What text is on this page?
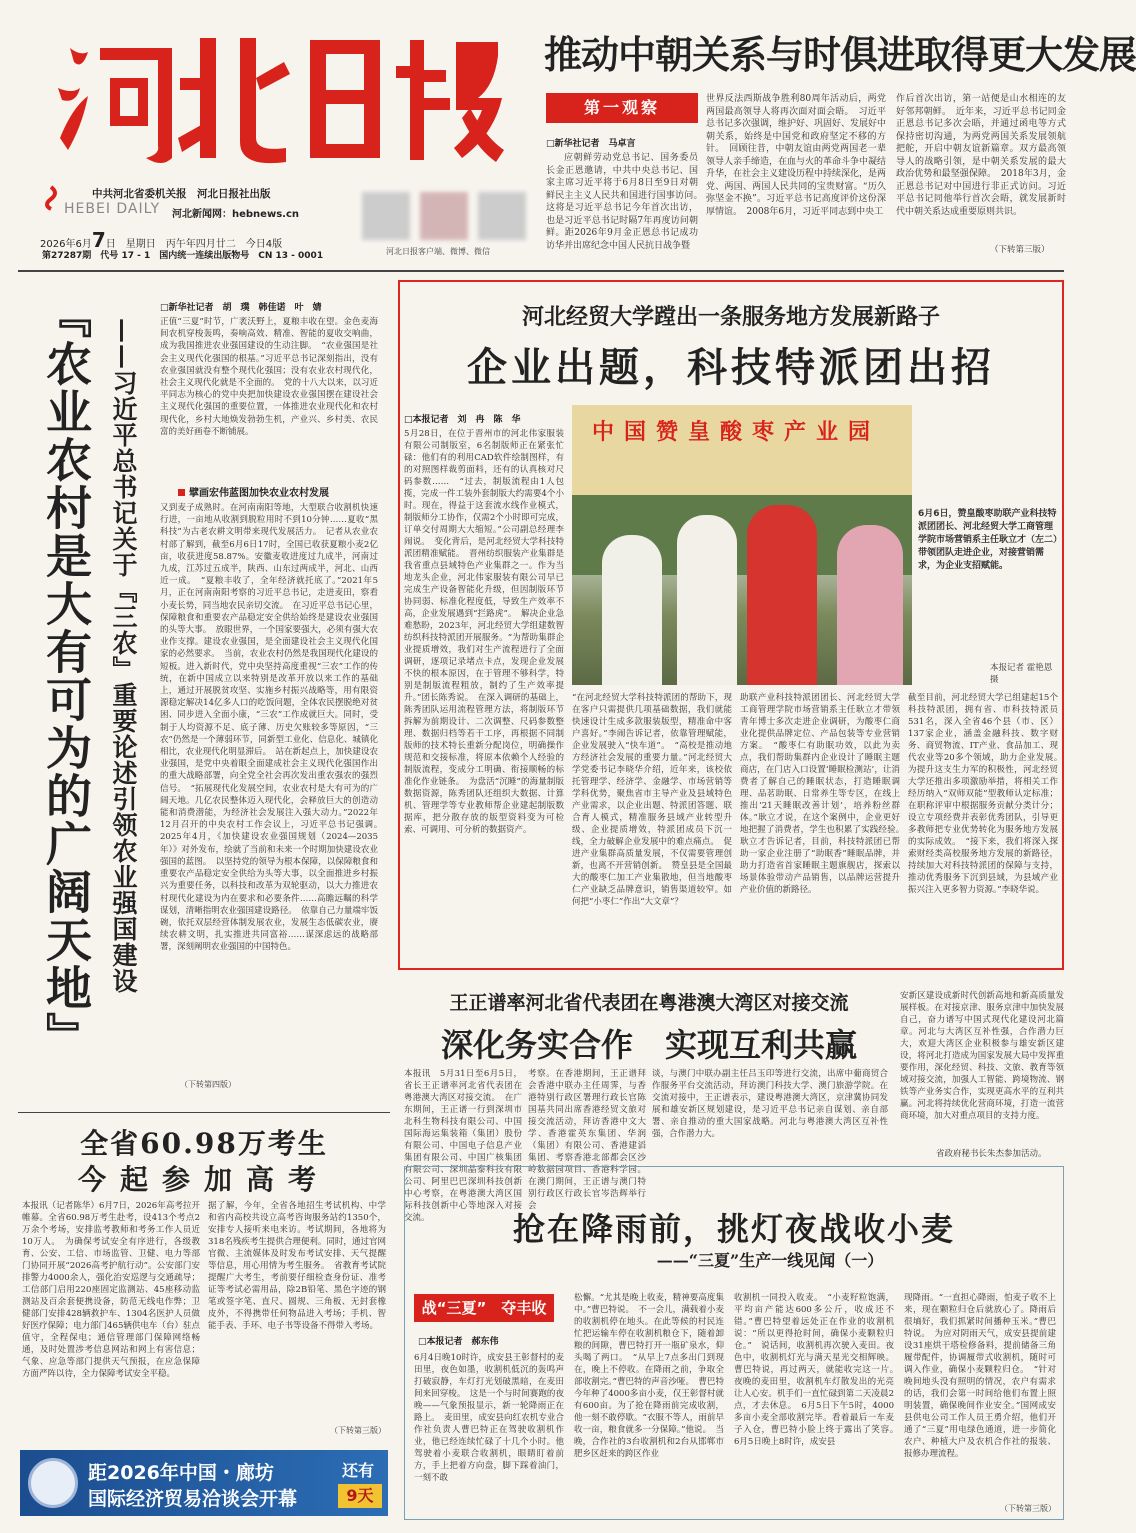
中共河北省委机关报　河北日报社出版
HEBEI DAILY 河北新闻网：hebnews.cn
2026年6月7日　星期日　丙午年四月廿二　今日4版
第27287期　代号 17 - 1　国内统一连续出版物号　CN 13 - 0001	河北日报客户端、微博、微信
推动中朝关系与时俱进取得更大发展
第一观察
□新华社记者　马卓言
应朝鲜劳动党总书记、国务委员长金正恩邀请，中共中央总书记、国家主席习近平将于6月8日至9日对朝鲜民主主义人民共和国进行国事访问。　这将是习近平总书记今年首次出访，也是习近平总书记时隔7年再度访问朝鲜。距2026年9月金正恩总书记成功访华并出席纪念中国人民抗日战争暨
世界反法西斯战争胜利80周年活动后，两党两国最高领导人将再次面对面会晤。　习近平总书记多次强调，维护好、巩固好、发展好中朝关系，始终是中国党和政府坚定不移的方针。　回顾往昔，中朝友谊由两党两国老一辈领导人亲手缔造，在血与火的革命斗争中凝结升华，在社会主义建设历程中持续深化，是两党、两国、两国人民共同的宝贵财富。“历久弥坚金不换”。习近平总书记高度评价这份深厚情谊。　2008年6月，习近平同志到中央工
作后首次出访，第一站便是山水相连的友好邻邦朝鲜。　近年来，习近平总书记同金正恩总书记多次会晤，并通过函电等方式保持密切沟通，为两党两国关系发展领航把舵，开启中朝友谊新篇章。双方最高领导人的战略引领，是中朝关系发展的最大政治优势和最坚强保障。　2018年3月，金正恩总书记对中国进行非正式访问。习近平总书记同他举行首次会晤，就发展新时代中朝关系达成重要原则共识。
（下转第三版）
『农业农村是大有可为的广阔天地』 ——习近平总书记关于『三农』重要论述引领农业强国建设
□新华社记者　胡　璞　韩佳诺　叶　婧
正值“三夏”时节，广袤沃野上，夏粮丰收在望。金色麦海间农机穿梭轰鸣，奏响高效、精准、智能的夏收交响曲，成为我国推进农业强国建设的生动注脚。　“农业强国是社会主义现代化强国的根基。”习近平总书记深刻指出，没有农业强国就没有整个现代化强国；没有农业农村现代化，社会主义现代化就是不全面的。　党的十八大以来，以习近平同志为核心的党中央把加快建设农业强国摆在建设社会主义现代化强国的重要位置，一体推进农业现代化和农村现代化，乡村大地焕发勃勃生机，产业兴、乡村美、农民富的美好画卷不断铺展。
擘画宏伟蓝图加快农业农村发展
又到麦子成熟时。在河南南阳等地，大型联合收割机快速行进，一亩地从收割到脱粒用时不到10分钟……夏收“黑科技”为古老农耕文明带来现代发展活力。　记者从农业农村部了解到，截至6月6日17时，全国已收获夏粮小麦2亿亩，收获进度58.87%。安徽麦收进度过九成半，河南过九成，江苏过五成半，陕西、山东过两成半，河北、山西近一成。　“夏粮丰收了，全年经济就托底了。”2021年5月，正在河南南阳考察的习近平总书记，走进麦田，察看小麦长势，同当地农民亲切交流。　在习近平总书记心里，保障粮食和重要农产品稳定安全供给始终是建设农业强国的头等大事。　放眼世界，一个国家要强大，必须有强大农业作支撑。建设农业强国，是全面建设社会主义现代化国家的必然要求。　当前，农业农村仍然是我国现代化建设的短板。进入新时代，党中央坚持高度重视“三农”工作的传统，在新中国成立以来特别是改革开放以来工作的基础上，通过开展脱贫攻坚、实施乡村振兴战略等，用有限资源稳定解决14亿多人口的吃饭问题，全体农民摆脱绝对贫困、同步进入全面小康，“三农”工作成就巨大。同时，受制于人均资源不足、底子薄、历史欠账较多等原因，“三农”仍然是一个薄弱环节，同新型工业化、信息化、城镇化相比，农业现代化明显滞后。　站在新起点上，加快建设农业强国，是党中央着眼全面建成社会主义现代化强国作出的重大战略部署，向全党全社会再次发出重农强农的强烈信号。　“拓展现代化发展空间，农业农村是大有可为的广阔天地。几亿农民整体迈入现代化，会释放巨大的创造动能和消费潜能，为经济社会发展注入强大动力。”2022年12月召开的中央农村工作会议上，习近平总书记强调。　2025年4月，《加快建设农业强国规划（2024—2035年）》对外发布，绘就了当前和未来一个时期加快建设农业强国的蓝图。　以坚持党的领导为根本保障，以保障粮食和重要农产品稳定安全供给为头等大事，以全面推进乡村振兴为重要任务，以科技和改革为双轮驱动，以大力推进农村现代化建设为内在要求和必要条件……高瞻远瞩的科学谋划，清晰指明农业强国建设路径。　依靠自己力量端牢饭碗，依托双层经营体制发展农业，发展生态低碳农业，赓续农耕文明，扎实推进共同富裕……谋深虑远的战略部署，深刻阐明农业强国的中国特色。
（下转第四版）
河北经贸大学蹚出一条服务地方发展新路子
企业出题，科技特派团出招
□本报记者　刘　冉　陈　华
5月28日，在位于晋州市的河北伟家服装有限公司制版室，6名制版师正在紧张忙碌：他们有的利用CAD软件绘制图样，有的对照图样裁剪面料，还有的认真核对尺码参数……　“过去，制版流程由1人包揽，完成一件工装外套制版大约需要4个小时。现在，得益于这套流水线作业模式，制版师分工协作，仅需2个小时即可完成，订单交付周期大大缩短。”公司副总经理李闹说。　变化背后，是河北经贸大学科技特派团精准赋能。　晋州纺织服装产业集群是我省重点县域特色产业集群之一。作为当地龙头企业，河北伟家服装有限公司早已完成生产设备智能化升级，但因制版环节协同弱、标准化程度低，导致生产效率不高，企业发展遇到“拦路虎”。　解决企业急难愁盼，2023年，河北经贸大学组建数智纺织科技特派团开展服务。“为帮助集群企业提质增效，我们对生产流程进行了全面调研，逐项记录堵点卡点，发现企业发展不快的根本原因，在于管理不够科学，特别是制版流程粗放，制约了生产效率提升。”团长陈秀说。　在深入调研的基础上，陈秀团队运用流程管理方法，将制版环节拆解为前期设计、二次调整、尺码参数整理、数据归档等若干工序，再根据不同制版师的技术特长重新分配岗位，明确操作规范和交接标准，将原本依赖个人经验的制版流程，变成分工明确、衔接顺畅的标准化作业链条。　为盘活“沉睡”的海量制版数据资源，陈秀团队还组织大数据、计算机、管理学等专业教师帮企业建起制版数据库，把分散存放的版型资料变为可检索、可调用、可分析的数据资产。
中国赞皇酸枣产业园
6月6日，赞皇酸枣助联产业科技特派团团长、河北经贸大学工商管理学院市场营销系主任耿立才（左二）带领团队走进企业，对接营销需求，为企业支招赋能。
本报记者 霍艳恩摄
“在河北经贸大学科技特派团的帮助下，现在客户只需提供几项基础数据，我们就能快速设计生成多款服装版型，精准命中客户喜好。”李闹告诉记者，依靠管理赋能，企业发展驶入“快车道”。　“高校是推动地方经济社会发展的重要力量。”河北经贸大学党委书记李晓华介绍，近年来，该校依托管理学、经济学、金融学、市场营销等学科优势，聚焦省市主导产业及县域特色产业需求，以企业出题、特派团答题、联合育人模式，精准服务县域产业转型升级、企业提质增效，特派团成员下沉一线，全力破解企业发展中的难点痛点。　促进产业集群高质量发展，不仅需要管理创新，也离不开营销创新。　赞皇县是全国最大的酸枣仁加工产业集散地，但当地酸枣仁产业缺乏品牌意识，销售渠道较窄。如何把“小枣仁”作出“大文章”？
助联产业科技特派团团长、河北经贸大学工商管理学院市场营销系主任耿立才带领青年博士多次走进企业调研，为酸枣仁商业化提供品牌定位、产品包装等专业营销方案。　“酸枣仁有助眠功效，以此为卖点，我们帮助集群内企业设计了睡眠主题商店，在门店入口设置‘睡眠检测站’，让消费者了解自己的睡眠状态，打造睡眠调理、品茗助眠、日常养生等专区，在线上推出‘21天睡眠改善计划’，培养粉丝群体。”耿立才说，在这个案例中，企业更好地把握了消费者，学生也积累了实践经验。　耿立才告诉记者，目前，科技特派团已帮助一家企业注册了“助眠香”睡眠品牌，并助力打造省首家睡眠主题旗舰店，探索以场景体验带动产品销售，以品牌运营提升产业价值的新路径。
截至目前，河北经贸大学已组建起15个科技特派团，拥有省、市科技特派员531名，深入全省46个县（市、区）137家企业，涵盖金融科技、数字财务、商贸物流、IT产业、食品加工、现代农业等20多个领域，助力企业发展。　为提升这支生力军的积极性，河北经贸大学还推出多项激励举措，将相关工作经历纳入“双师双能”型教师认定标准；在职称评审中根据服务贡献分类计分；设立专项经费并表彰优秀团队，引导更多教师把专业优势转化为服务地方发展的实际成效。　“接下来，我们将深入探索财经类高校服务地方发展的新路径，持续加大对科技特派团的保障与支持，推动优秀服务下沉到县域，为县域产业振兴注入更多智力资源。”李晓华说。
王正谱率河北省代表团在粤港澳大湾区对接交流
深化务实合作　实现互利共赢
本报讯　5月31日至6月5日，省长王正谱率河北省代表团在粤港澳大湾区对接交流。　在广东期间，王正谱一行到深圳市北科生物科技有限公司、中国国际海运集装箱（集团）股份有限公司、中国电子信息产业集团有限公司、中国广核集团有限公司、深圳晶泰科技有限公司、阿里巴巴深圳科技创新中心考察，在粤港澳大湾区国际科技创新中心等地深入对接交流。
考察。在香港期间，王正谱拜会香港中联办主任周霁，与香港特别行政区署理行政长官陈国基共同出席香港经贸文旅对接交流活动，拜访香港中文大学、香港霍英东集团、华润（集团）有限公司、香港建滔集团、考察香港北部都会区沙岭数据园项目、香港科学园。在澳门期间，王正谱与澳门特别行政区行政长官岑浩辉举行会
谈，与澳门中联办副主任吕玉印等进行交流，出席中葡商贸合作服务平台交流活动，拜访澳门科技大学、澳门旅游学院。在交流对接中，王正谱表示，建设粤港澳大湾区，京津冀协同发展和雄安新区规划建设，是习近平总书记亲自谋划、亲自部署、亲自推动的重大国家战略。河北与粤港澳大湾区互补性强，合作潜力大。
安新区建设成新时代创新高地和新高质量发展样板。在对接京津、服务京津中加快发展自己，奋力谱写中国式现代化建设河北篇章。河北与大湾区互补性强，合作潜力巨大，欢迎大湾区企业积极参与雄安新区建设，将河北打造成为国家发展大局中发挥重要作用，深化经贸、科技、文旅、教育等领域对接交流，加强人工智能、跨境物流、钢铁等产业务实合作，实现更高水平的互利共赢。河北将持续优化营商环境，打造一流营商环境，加大对重点项目的支持力度。
省政府秘书长朱杰参加活动。
全省60.98万考生
今起参加高考
本报讯（记者陈华）6月7日，2026年高考拉开帷幕。全省60.98万考生赴考，设413个考点2万余个考场，安排监考教师和考务工作人员近10万人。　为确保考试安全有序进行，各级教育、公安、工信、市场监管、卫健、电力等部门协同开展“2026高考护航行动”。公安部门安排警力4000余人，强化治安巡逻与交通疏导；工信部门启用220座固定监测站、45座移动监测站及百余套便携设备，防范无线电作弊；卫健部门安排428辆救护车、1304名医护人员做好医疗保障；电力部门465辆供电车（台）驻点值守，全程保电；通信管理部门保障网络畅通，及时处置涉考信息网站和网上有害信息；气象、应急等部门提供天气预报，在应急保障方面严阵以待，全力保障考试安全平稳。
据了解，今年，全省各地招生考试机构、中学和省内高校共设立高考咨询服务站约1350个，安排专人接听来电来访。考试期间，各地将为318名残疾考生提供合理便利。同时，通过官网官微、主流媒体及时发布考试安排、天气提醒等信息，用心用情为考生服务。　省教育考试院提醒广大考生，考前要仔细检查身份证、准考证等考试必需用品，除2B铅笔、黑色字迹的钢笔或签字笔、直尺、圆规、三角板、无封套橡皮外，不得携带任何物品进入考场；手机、智能手表、手环、电子书等设备不得带入考场。
（下转第三版）
距2026年中国・廊坊
国际经济贸易洽谈会开幕
还有
9天
抢在降雨前，挑灯夜战收小麦
——“三夏”生产一线见闻（一）
战“三夏”　夺丰收
□本报记者　郝东伟
6月4日晚10时许，成安县王彰督村的麦田里，夜色如墨，收割机低沉的轰鸣声打破寂静，车灯打光划破黑暗，在麦田间来回穿梭。　这是一个与时间赛跑的夜晚——气象预报显示，新一轮降雨正在路上。　麦田里，成安县向红农机专业合作社负责人曹巴特正在驾驶收割机作业，他已经连续忙碌了十几个小时。他驾驶着小麦联合收割机，眼睛盯着前方，手上把着方向盘，脚下踩着油门，一刻不敢
松懈。“尤其是晚上收麦，精神要高度集中。”曹巴特说。　不一会儿，满载着小麦的收割机停在地头。在此等候的村民连忙把运输车停在收割机粮仓下，随着卸粮的间隙，曹巴特打开一瓶矿泉水，仰头喝了两口。　“从早上7点多出门到现在，晚上不停收。在降雨之前，争取全部收割完。”曹巴特的声音沙哑。　曹巴特今年种了4000多亩小麦，仅王彰督村就有600亩。为了抢在降雨前完成收割，他一刻不敢停歇。“衣服不等人，雨前早收一亩，粮食就多一分保障。”他说。　当晚，合作社的3台收割机和2台从邯郸市肥乡区赶来的跨区作业
收割机一同投入收麦。　“小麦籽粒饱满，平均亩产能达600多公斤，收成还不错。”曹巴特望着远处正在作业的收割机说：“所以更得抢时间，确保小麦颗粒归仓。”　说话间，收割机再次驶入麦田。夜色中，收割机灯光与满天星光交相辉映。曹巴特说，再过两天，就能收完这一片。　夜晚的麦田里，收割机车灯散发出的光亮让人心安。机手们一直忙碌到第二天凌晨2点，才去休息。　6月5日下午5时，4000多亩小麦全部收割完毕。看着最后一车麦子入仓，曹巴特小脸上终于露出了笑容。　6月5日晚上8时许，成安县
现降雨。“一直担心降雨，怕麦子收不上来，现在颗粒归仓后就放心了。降雨后很墒好，我们抓紧时间播种玉米。”曹巴特说。　为应对阴雨天气，成安县提前建设31座烘干塔检修备料，提前储备三角履带配件，协调履带式收割机，随时可调入作业，确保小麦颗粒归仓。　“针对晚间地头没有照明的情况，农户有需求的话，我们会第一时间给他们布置上照明装置，确保晚间作业安全。”国网成安县供电公司工作人员王勇介绍，他们开通了“三夏”用电绿色通道，进一步简化农户、种植大户及农机合作社的报装、报修办理流程。
（下转第三版）
